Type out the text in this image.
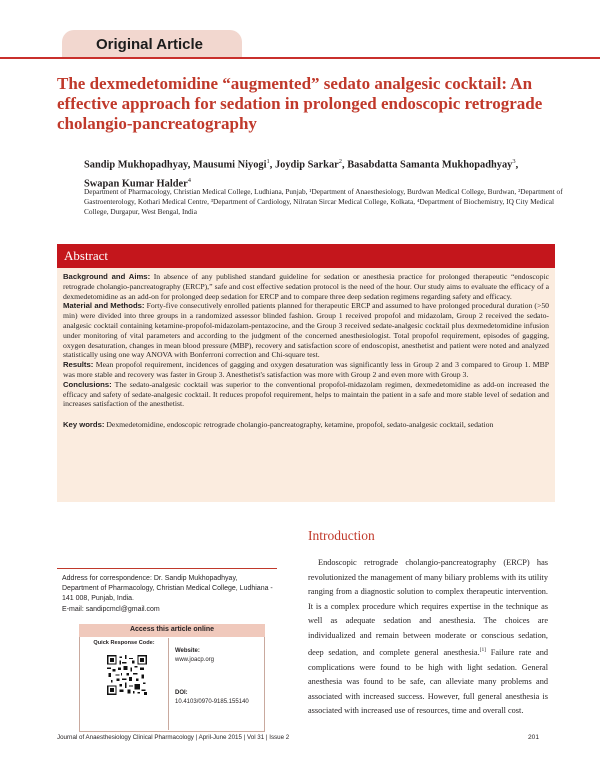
Original Article
The dexmedetomidine “augmented” sedato analgesic cocktail: An effective approach for sedation in prolonged endoscopic retrograde cholangio-pancreatography
Sandip Mukhopadhyay, Mausumi Niyogi$^1$, Joydip Sarkar$^2$, Basabdatta Samanta Mukhopadhyay$^3$,
Swapan Kumar Halder$^4$
Department of Pharmacology, Christian Medical College, Ludhiana, Punjab, ¹Department of Anaesthesiology, Burdwan Medical College, Burdwan, ²Department of Gastroenterology, Kothari Medical Centre, ³Department of Cardiology, Nilratan Sircar Medical College, Kolkata, ⁴Department of Biochemistry, IQ City Medical College, Durgapur, West Bengal, India
Abstract

Background and Aims: In absence of any published standard guideline for sedation or anesthesia practice for prolonged therapeutic “endoscopic retrograde cholangio-pancreatography (ERCP),” safe and cost effective sedation protocol is the need of the hour. Our study aims to evaluate the efficacy of a dexmedetomidine as an add-on for prolonged deep sedation for ERCP and to compare three deep sedation regimens regarding safety and efficacy.

Material and Methods: Forty-five consecutively enrolled patients planned for therapeutic ERCP and assumed to have prolonged procedural duration (>50 min) were divided into three groups in a randomized assessor blinded fashion. Group 1 received propofol and midazolam, Group 2 received the sedato-analgesic cocktail containing ketamine-propofol-midazolam-pentazocine, and the Group 3 received sedate-analgesic cocktail plus dexmedetomidine infusion under monitoring of vital parameters and according to the judgment of the concerned anesthesiologist. Total propofol requirement, episodes of gagging, oxygen desaturation, changes in mean blood pressure (MBP), recovery and satisfaction score of endoscopist, anesthetist and patient were noted and analyzed statistically using one way ANOVA with Bonferroni correction and Chi-square test.

Results: Mean propofol requirement, incidences of gagging and oxygen desaturation was significantly less in Group 2 and 3 compared to Group 1. MBP was more stable and recovery was faster in Group 3. Anesthetist's satisfaction was more with Group 2 and even more with Group 3.

Conclusions: The sedato-analgesic cocktail was superior to the conventional propofol-midazolam regimen, dexmedetomidine as add-on increased the efficacy and safety of sedate-analgesic cocktail. It reduces propofol requirement, helps to maintain the patient in a safe and more stable level of sedation and increases satisfaction of the anesthetist.

Key words: Dexmedetomidine, endoscopic retrograde cholangio-pancreatography, ketamine, propofol, sedato-analgesic cocktail, sedation

Introduction

Endoscopic retrograde cholangio-pancreatography (ERCP) has revolutionized the management of many biliary problems with its utility ranging from a diagnostic solution to complex therapeutic intervention. It is a complex procedure which requires expertise in the technique as well as adequate sedation and anesthesia. The choices are individualized and remain between moderate or conscious sedation, deep sedation, and complete general anesthesia.[1] Failure rate and complications were found to be high with light sedation. General anesthesia was found to be safe, can alleviate many problems and associated with increased success. However, full general anesthesia is associated with increased use of resources, time and overall cost.

Address for correspondence: Dr. Sandip Mukhopadhyay,
Department of Pharmacology, Christian Medical College, Ludhiana - 141 008, Punjab, India.
E-mail: sandipcmcl@gmail.com
Access this article online
Quick Response Code:
Website:
www.joacp.org
DOI:
10.4103/0970-9185.155140
Journal of Anaesthesiology Clinical Pharmacology | April-June 2015 | Vol 31 | Issue 2	201
